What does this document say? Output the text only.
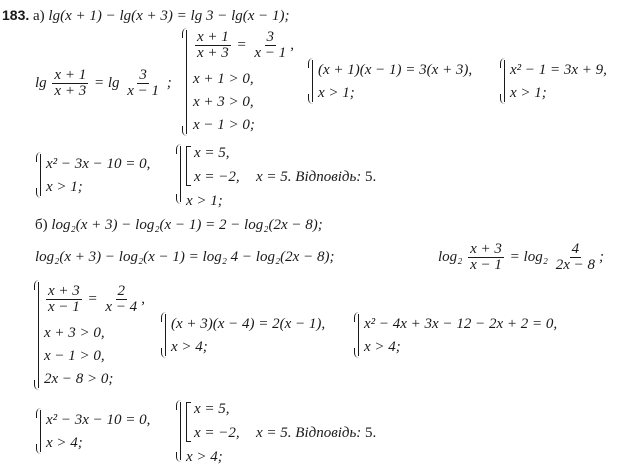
183. а) lg(x + 1) − lg(x + 3) = lg 3 − lg(x − 1);
$\lg \frac{x + 1}{x + 3} = \lg \frac{3}{x - 1}$ ;
$\frac{x + 1}{x + 3} = \frac{3}{x - 1}$ ,
x + 1 > 0,
x + 3 > 0,
x − 1 > 0;
(x + 1)(x − 1) = 3(x + 3),
x > 1;
x² − 1 = 3x + 9,
x > 1;
x² − 3x − 10 = 0,
x > 1;
x = 5,
x = −2,
x > 1;
x = 5. Відповідь: 5.
б) log₂(x + 3) − log₂(x − 1) = 2 − log₂(2x − 8);
log₂(x + 3) − log₂(x − 1) = log₂ 4 − log₂(2x − 8);	$\log_2 \frac{x + 3}{x - 1} = \log_2 \frac{4}{2x - 8}$ ;
$\frac{x + 3}{x - 1} = \frac{2}{x - 4}$ ,
x + 3 > 0,
x − 1 > 0,
2x − 8 > 0;
(x + 3)(x − 4) = 2(x − 1),
x > 4;
x² − 4x + 3x − 12 − 2x + 2 = 0,
x > 4;
x² − 3x − 10 = 0,
x > 4;
x = 5,
x = −2,
x > 4;
x = 5. Відповідь: 5.
